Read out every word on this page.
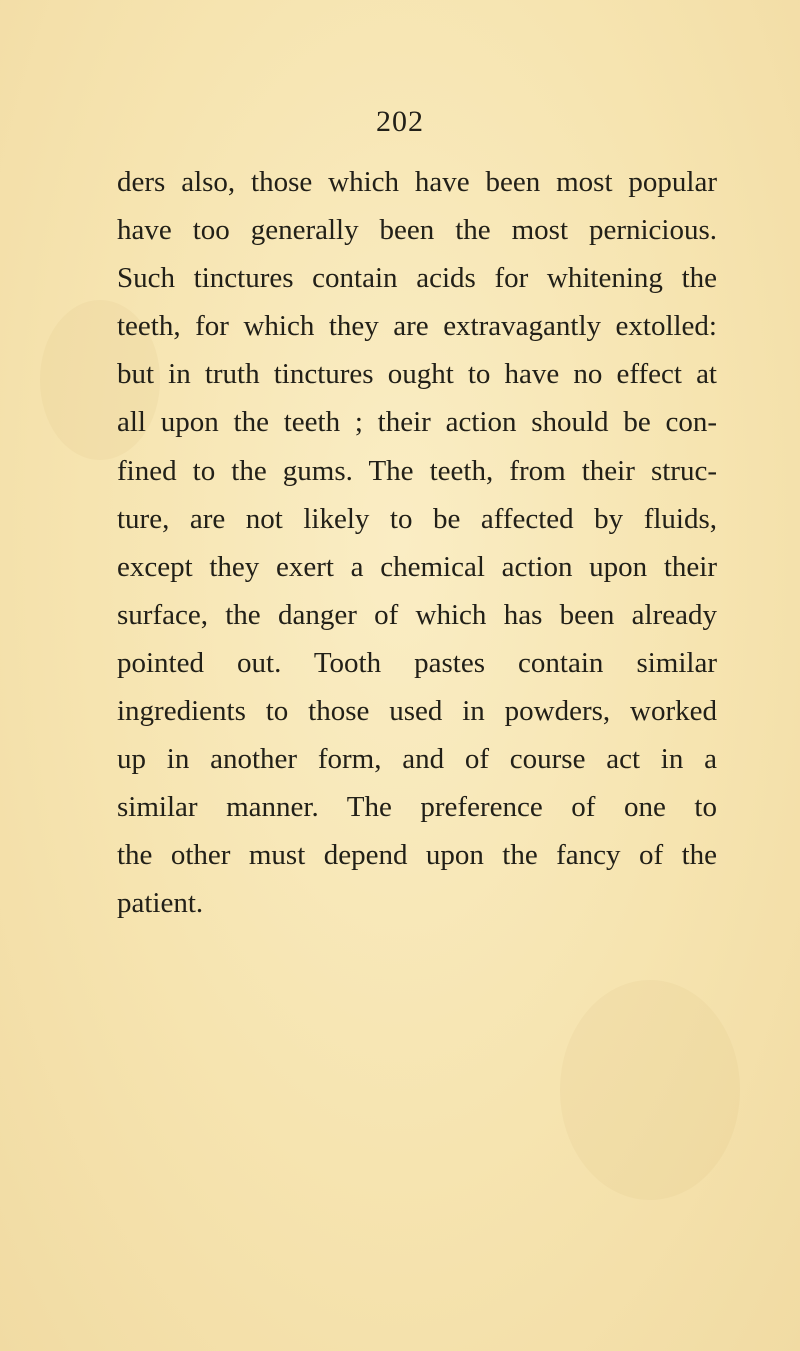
202
ders also, those which have been most popular
have too generally been the most pernicious.
Such tinctures contain acids for whitening the
teeth, for which they are extravagantly extolled:
but in truth tinctures ought to have no effect at
all upon the teeth ; their action should be con-
fined to the gums. The teeth, from their struc-
ture, are not likely to be affected by fluids,
except they exert a chemical action upon their
surface, the danger of which has been already
pointed out. Tooth pastes contain similar
ingredients to those used in powders, worked
up in another form, and of course act in a
similar manner. The preference of one to
the other must depend upon the fancy of the
patient.
